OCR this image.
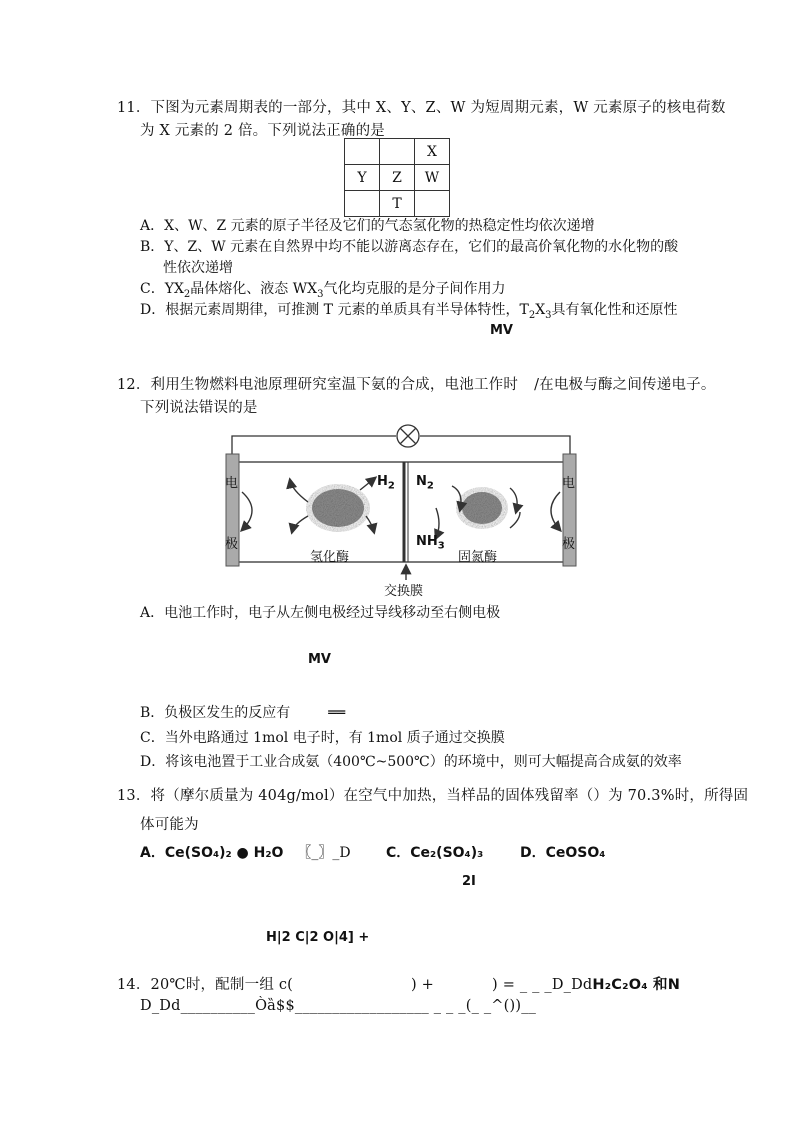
11．下图为元素周期表的一部分，其中 X、Y、Z、W 为短周期元素，W 元素原子的核电荷数
为 X 元素的 2 倍。下列说法正确的是
		X
Y	Z	W
	T	
A．X、W、Z 元素的原子半径及它们的气态氢化物的热稳定性均依次递增
B．Y、Z、W 元素在自然界中均不能以游离态存在，它们的最高价氧化物的水化物的酸
性依次递增
C．$YX_2$晶体熔化、液态 $WX_3$气化均克服的是分子间作用力
D．根据元素周期律，可推测 T 元素的单质具有半导体特性，$T_2X_3$具有氧化性和还原性
MV
12．利用生物燃料电池原理研究室温下氨的合成，电池工作时 /在电极与酶之间传递电子。
下列说法错误的是
电
极
电
极
$H_2$ $N_2$
$NH_3$
氢化酶	固氮酶
交换膜
A．电池工作时，电子从左侧电极经过导线移动至右侧电极
MV
B．负极区发生的反应有	══
C．当外电路通过 1mol 电子时，有 1mol 质子通过交换膜
D．将该电池置于工业合成氨（400℃~500℃）的环境中，则可大幅提高合成氨的效率
13．将（摩尔质量为 404g/mol）在空气中加热，当样品的固体残留率（）为 70.3%时，所得固
体可能为
A．Ce(SO₄)₂ ● H₂O 〖_〗_D	C．Ce₂(SO₄)₃	D．CeOSO₄
2I
H|2 C|2 O|4] +
14．20℃时，配制一组 c(	) +	) = _ _ _D_DdH₂C₂O₄ 和N
D_Dd__________Òȁ$$__________________ _ _ _(_ _^())__
